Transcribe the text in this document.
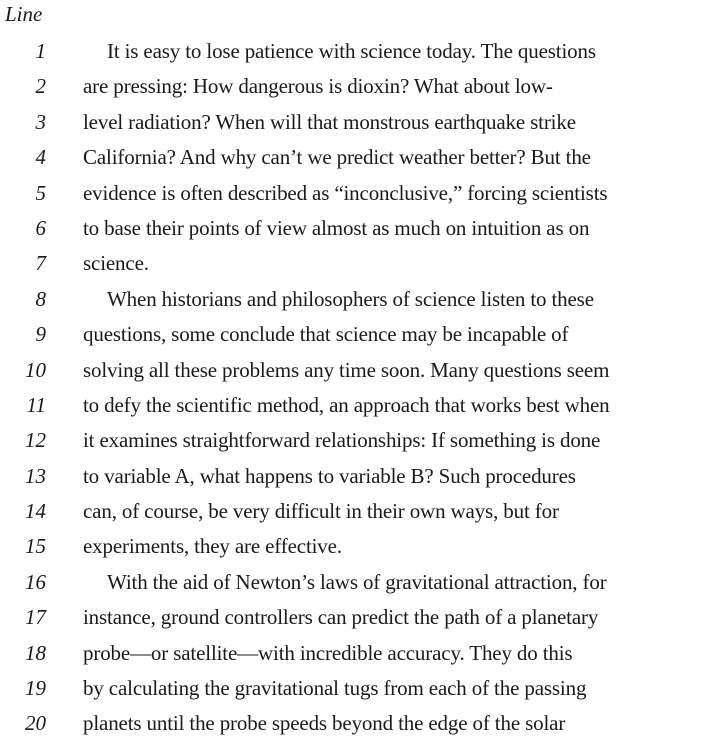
Line
1	It is easy to lose patience with science today. The questions
2 are pressing: How dangerous is dioxin? What about low-
3 level radiation? When will that monstrous earthquake strike
4 California? And why can’t we predict weather better? But the
5 evidence is often described as “inconclusive,” forcing scientists
6 to base their points of view almost as much on intuition as on
7 science.
8	When historians and philosophers of science listen to these
9 questions, some conclude that science may be incapable of
10 solving all these problems any time soon. Many questions seem
11 to defy the scientific method, an approach that works best when
12 it examines straightforward relationships: If something is done
13 to variable A, what happens to variable B? Such procedures
14 can, of course, be very difficult in their own ways, but for
15 experiments, they are effective.
16	With the aid of Newton’s laws of gravitational attraction, for
17 instance, ground controllers can predict the path of a planetary
18 probe—or satellite—with incredible accuracy. They do this
19 by calculating the gravitational tugs from each of the passing
20 planets until the probe speeds beyond the edge of the solar
